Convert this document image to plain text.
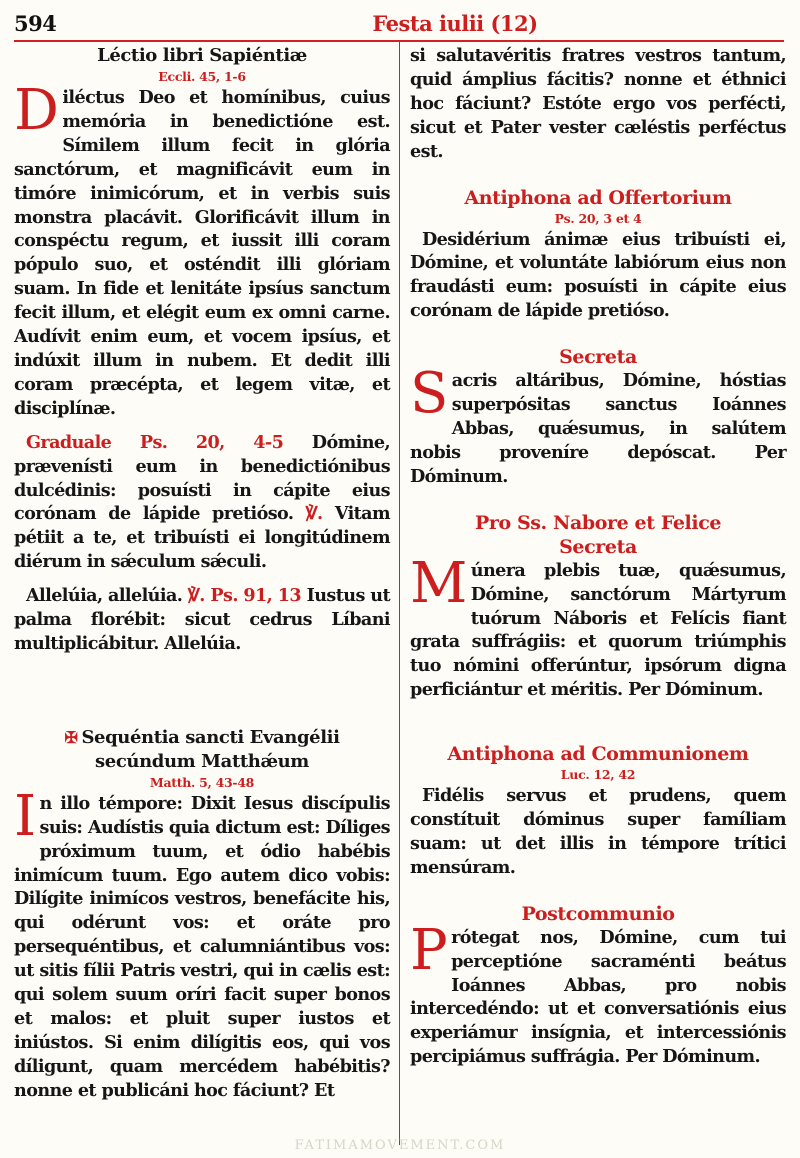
594	Festa iulii (12)
Léctio libri Sapiéntiæ
Eccli. 45, 1-6

Diléctus Deo et homínibus, cuius memória in benedictióne est. Símilem illum fecit in glória sanctórum, et magnificávit eum in timóre inimicórum, et in verbis suis monstra placávit. Glorificávit illum in conspéctu regum, et iussit illi coram pópulo suo, et osténdit illi glóriam suam. In fide et lenitáte ipsíus sanctum fecit illum, et elégit eum ex omni carne. Audívit enim eum, et vocem ipsíus, et indúxit illum in nubem. Et dedit illi coram præcépta, et legem vitæ, et disciplínæ.

Graduale Ps. 20, 4-5 Dómine, prævenísti eum in benedictiónibus dulcédinis: posuísti in cápite eius corónam de lápide pretióso. ℣. Vitam pétiit a te, et tribuísti ei longitúdinem diérum in sǽculum sǽculi.

Allelúia, allelúia. ℣. Ps. 91, 13 Iustus ut palma florébit: sicut cedrus Líbani multiplicábitur. Allelúia.

✠ Sequéntia sancti Evangélii secúndum Matthǽum
Matth. 5, 43-48

In illo témpore: Dixit Iesus discípulis suis: Audístis quia dictum est: Díliges próximum tuum, et ódio habébis inimícum tuum. Ego autem dico vobis: Dilígite inimícos vestros, benefácite his, qui odérunt vos: et oráte pro persequéntibus, et calumniántibus vos: ut sitis fílii Patris vestri, qui in cælis est: qui solem suum oríri facit super bonos et malos: et pluit super iustos et iniústos. Si enim dilígitis eos, qui vos díligunt, quam mercédem habébitis? nonne et publicáni hoc fáciunt? Et

si salutavéritis fratres vestros tantum, quid ámplius fácitis? nonne et éthnici hoc fáciunt? Estóte ergo vos perfécti, sicut et Pater vester cæléstis perféctus est.

Antiphona ad Offertorium
Ps. 20, 3 et 4

Desidérium ánimæ eius tribuísti ei, Dómine, et voluntáte labiórum eius non fraudásti eum: posuísti in cápite eius corónam de lápide pretióso.

Secreta

Sacris altáribus, Dómine, hóstias superpósitas sanctus Ioánnes Abbas, quǽsumus, in salútem nobis proveníre depóscat. Per Dóminum.

Pro Ss. Nabore et Felice
Secreta

Múnera plebis tuæ, quǽsumus, Dómine, sanctórum Mártyrum tuórum Náboris et Felícis fiant grata suffrágiis: et quorum triúmphis tuo nómini offerúntur, ipsórum digna perficiántur et méritis. Per Dóminum.

Antiphona ad Communionem
Luc. 12, 42

Fidélis servus et prudens, quem constítuit dóminus super famíliam suam: ut det illis in témpore trítici mensúram.

Postcommunio

Prótegat nos, Dómine, cum tui perceptióne sacraménti beátus Ioánnes Abbas, pro nobis intercedéndo: ut et conversatiónis eius experiámur insígnia, et intercessiónis percipiámus suffrágia. Per Dóminum.

FATIMAMOVEMENT.COM
